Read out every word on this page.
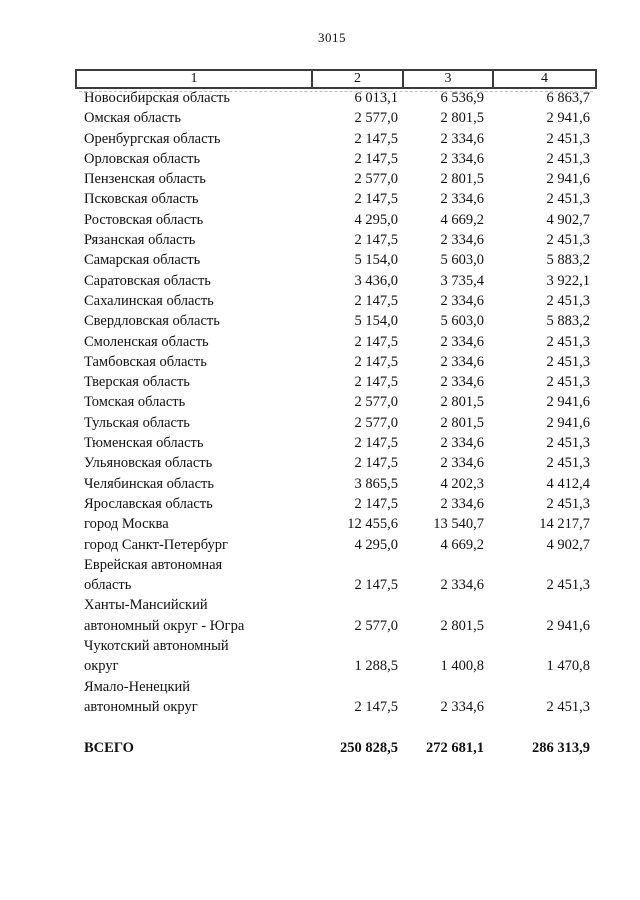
3015
1	2	3	4
Новосибирская область	6 013,1	6 536,9	6 863,7
Омская область	2 577,0	2 801,5	2 941,6
Оренбургская область	2 147,5	2 334,6	2 451,3
Орловская область	2 147,5	2 334,6	2 451,3
Пензенская область	2 577,0	2 801,5	2 941,6
Псковская область	2 147,5	2 334,6	2 451,3
Ростовская область	4 295,0	4 669,2	4 902,7
Рязанская область	2 147,5	2 334,6	2 451,3
Самарская область	5 154,0	5 603,0	5 883,2
Саратовская область	3 436,0	3 735,4	3 922,1
Сахалинская область	2 147,5	2 334,6	2 451,3
Свердловская область	5 154,0	5 603,0	5 883,2
Смоленская область	2 147,5	2 334,6	2 451,3
Тамбовская область	2 147,5	2 334,6	2 451,3
Тверская область	2 147,5	2 334,6	2 451,3
Томская область	2 577,0	2 801,5	2 941,6
Тульская область	2 577,0	2 801,5	2 941,6
Тюменская область	2 147,5	2 334,6	2 451,3
Ульяновская область	2 147,5	2 334,6	2 451,3
Челябинская область	3 865,5	4 202,3	4 412,4
Ярославская область	2 147,5	2 334,6	2 451,3
город Москва	12 455,6	13 540,7	14 217,7
город Санкт-Петербург	4 295,0	4 669,2	4 902,7
Еврейская автономная
область	2 147,5	2 334,6	2 451,3
Ханты-Мансийский
автономный округ - Югра	2 577,0	2 801,5	2 941,6
Чукотский автономный
округ	1 288,5	1 400,8	1 470,8
Ямало-Ненецкий
автономный округ	2 147,5	2 334,6	2 451,3
ВСЕГО	250 828,5	272 681,1	286 313,9
